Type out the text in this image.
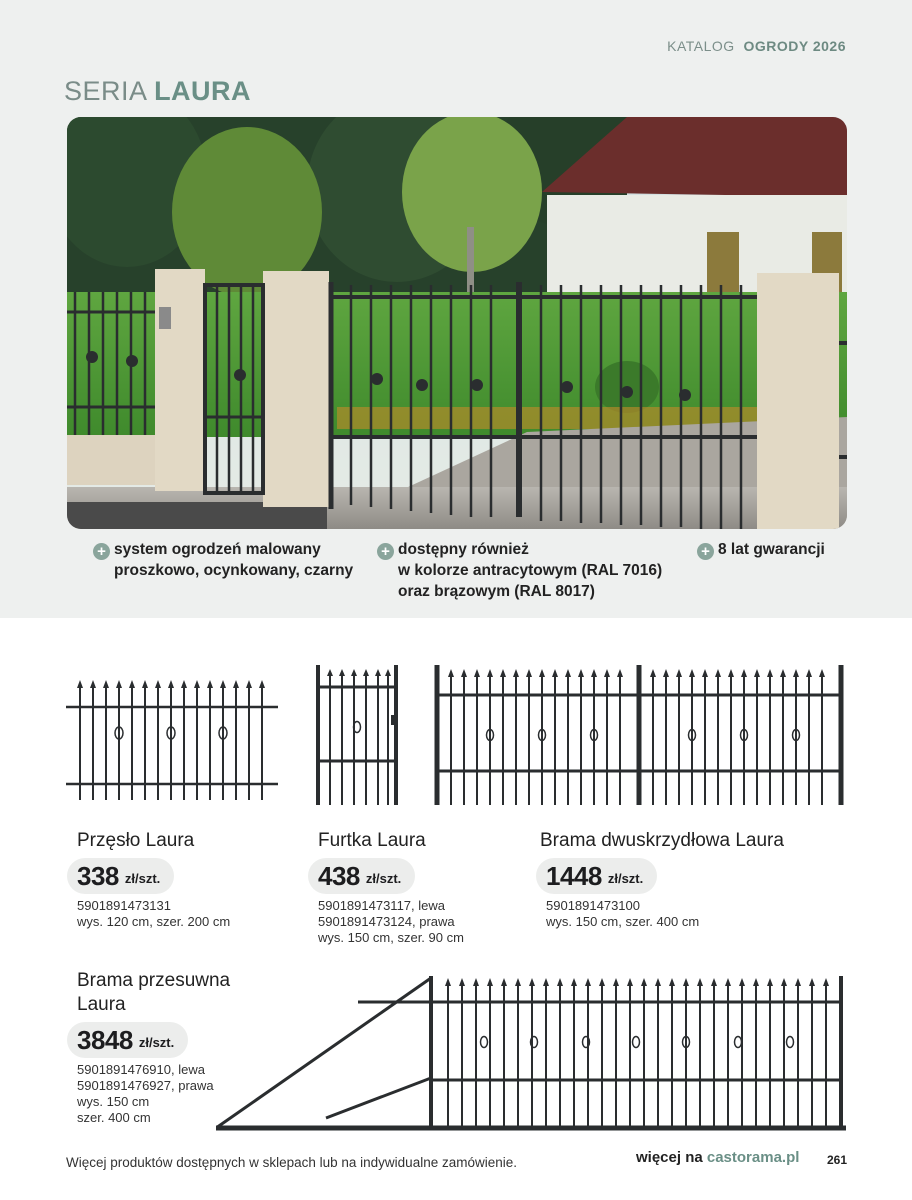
KATALOG OGRODY 2026
SERIA LAURA
+ system ogrodzeń malowany
proszkowo, ocynkowany, czarny
+ dostępny również
w kolorze antracytowym (RAL 7016)
oraz brązowym (RAL 8017)
+ 8 lat gwarancji
Przęsło Laura
338 zł/szt.
5901891473131
wys. 120 cm, szer. 200 cm
Furtka Laura
438 zł/szt.
5901891473117, lewa
5901891473124, prawa
wys. 150 cm, szer. 90 cm
Brama dwuskrzydłowa Laura
1448 zł/szt.
5901891473100
wys. 150 cm, szer. 400 cm
Brama przesuwna
Laura
3848 zł/szt.
5901891476910, lewa
5901891476927, prawa
wys. 150 cm
szer. 400 cm
Więcej produktów dostępnych w sklepach lub na indywidualne zamówienie.	więcej na castorama.pl 261
